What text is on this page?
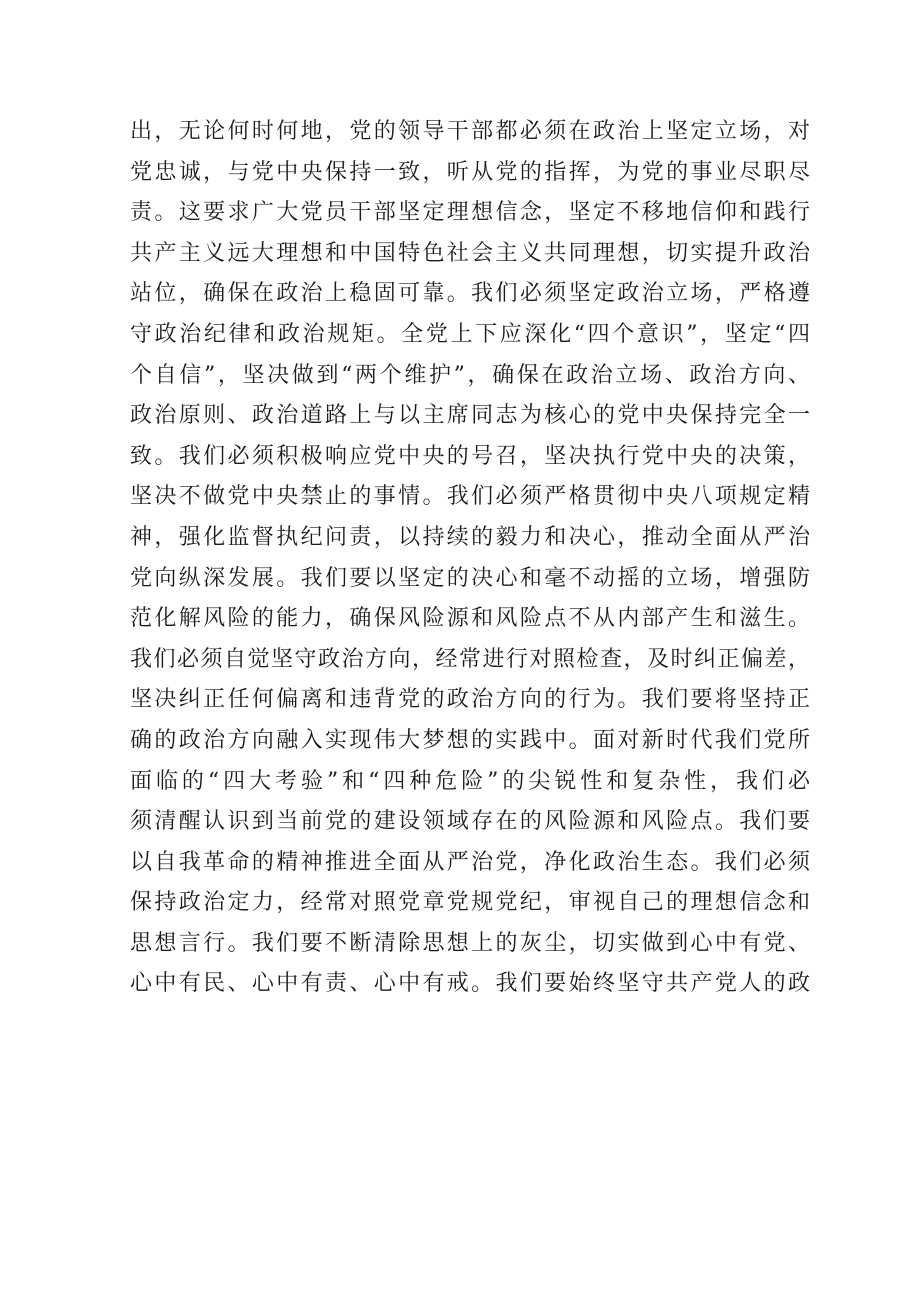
出，无论何时何地，党的领导干部都必须在政治上坚定立场，对
党忠诚，与党中央保持一致，听从党的指挥，为党的事业尽职尽
责。这要求广大党员干部坚定理想信念，坚定不移地信仰和践行
共产主义远大理想和中国特色社会主义共同理想，切实提升政治
站位，确保在政治上稳固可靠。我们必须坚定政治立场，严格遵
守政治纪律和政治规矩。全党上下应深化“四个意识”，坚定“四
个自信”，坚决做到“两个维护”，确保在政治立场、政治方向、
政治原则、政治道路上与以主席同志为核心的党中央保持完全一
致。我们必须积极响应党中央的号召，坚决执行党中央的决策，
坚决不做党中央禁止的事情。我们必须严格贯彻中央八项规定精
神，强化监督执纪问责，以持续的毅力和决心，推动全面从严治
党向纵深发展。我们要以坚定的决心和毫不动摇的立场，增强防
范化解风险的能力，确保风险源和风险点不从内部产生和滋生。
我们必须自觉坚守政治方向，经常进行对照检查，及时纠正偏差，
坚决纠正任何偏离和违背党的政治方向的行为。我们要将坚持正
确的政治方向融入实现伟大梦想的实践中。面对新时代我们党所
面临的“四大考验”和“四种危险”的尖锐性和复杂性，我们必
须清醒认识到当前党的建设领域存在的风险源和风险点。我们要
以自我革命的精神推进全面从严治党，净化政治生态。我们必须
保持政治定力，经常对照党章党规党纪，审视自己的理想信念和
思想言行。我们要不断清除思想上的灰尘，切实做到心中有党、
心中有民、心中有责、心中有戒。我们要始终坚守共产党人的政
